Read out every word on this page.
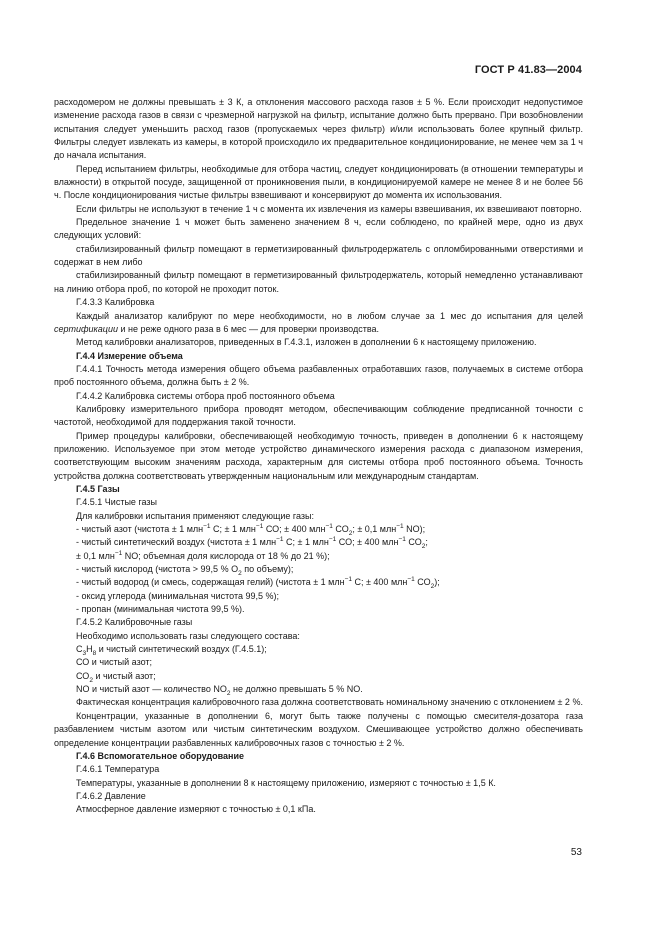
ГОСТ Р 41.83—2004

расходомером не должны превышать ± 3 К, а отклонения массового расхода газов ± 5 %. Если происходит недопустимое изменение расхода газов в связи с чрезмерной нагрузкой на фильтр, испытание должно быть прервано. При возобновлении испытания следует уменьшить расход газов (пропускаемых через фильтр) и/или использовать более крупный фильтр. Фильтры следует извлекать из камеры, в которой происходило их предварительное кондиционирование, не менее чем за 1 ч до начала испытания.

Перед испытанием фильтры, необходимые для отбора частиц, следует кондиционировать (в отношении температуры и влажности) в открытой посуде, защищенной от проникновения пыли, в кондиционируемой камере не менее 8 и не более 56 ч. После кондиционирования чистые фильтры взвешивают и консервируют до момента их использования.

Если фильтры не используют в течение 1 ч с момента их извлечения из камеры взвешивания, их взвешивают повторно.

Предельное значение 1 ч может быть заменено значением 8 ч, если соблюдено, по крайней мере, одно из двух следующих условий:

стабилизированный фильтр помещают в герметизированный фильтродержатель с опломбированными отверстиями и содержат в нем либо

стабилизированный фильтр помещают в герметизированный фильтродержатель, который немедленно устанавливают на линию отбора проб, по которой не проходит поток.

Г.4.3.3 Калибровка

Каждый анализатор калибруют по мере необходимости, но в любом случае за 1 мес до испытания для целей сертификации и не реже одного раза в 6 мес — для проверки производства.

Метод калибровки анализаторов, приведенных в Г.4.3.1, изложен в дополнении 6 к настоящему приложению.

Г.4.4 Измерение объема

Г.4.4.1 Точность метода измерения общего объема разбавленных отработавших газов, получаемых в системе отбора проб постоянного объема, должна быть ± 2 %.

Г.4.4.2 Калибровка системы отбора проб постоянного объема

Калибровку измерительного прибора проводят методом, обеспечивающим соблюдение предписанной точности с частотой, необходимой для поддержания такой точности.

Пример процедуры калибровки, обеспечивающей необходимую точность, приведен в дополнении 6 к настоящему приложению. Используемое при этом методе устройство динамического измерения расхода с диапазоном измерения, соответствующим высоким значениям расхода, характерным для системы отбора проб постоянного объема. Точность устройства должна соответствовать утвержденным национальным или международным стандартам.

Г.4.5 Газы

Г.4.5.1 Чистые газы

Для калибровки испытания применяют следующие газы:

- чистый азот (чистота ± 1 млн$^{-1}$ С; ± 1 млн$^{-1}$ СО; ± 400 млн$^{-1}$ $СО_2$; ± 0,1 млн$^{-1}$ NO);

- чистый синтетический воздух (чистота ± 1 млн$^{-1}$ С; ± 1 млн$^{-1}$ СО; ± 400 млн$^{-1}$ $СО_2$;

± 0,1 млн$^{-1}$ NO; объемная доля кислорода от 18 % до 21 %);

- чистый кислород (чистота > 99,5 % $О_2$ по объему);

- чистый водород (и смесь, содержащая гелий) (чистота ± 1 млн$^{-1}$ С; ± 400 млн$^{-1}$ $СО_2$);

- оксид углерода (минимальная чистота 99,5 %);

- пропан (минимальная чистота 99,5 %).

Г.4.5.2 Калибровочные газы

Необходимо использовать газы следующего состава:

$С_3Н_8$ и чистый синтетический воздух (Г.4.5.1);

СО и чистый азот;

$СО_2$ и чистый азот;

NO и чистый азот — количество $NO_2$ не должно превышать 5 % NO.

Фактическая концентрация калибровочного газа должна соответствовать номинальному значению с отклонением ± 2 %.

Концентрации, указанные в дополнении 6, могут быть также получены с помощью смесителя-дозатора газа разбавлением чистым азотом или чистым синтетическим воздухом. Смешивающее устройство должно обеспечивать определение концентрации разбавленных калибровочных газов с точностью ± 2 %.

Г.4.6 Вспомогательное оборудование

Г.4.6.1 Температура

Температуры, указанные в дополнении 8 к настоящему приложению, измеряют с точностью ± 1,5 К.

Г.4.6.2 Давление

Атмосферное давление измеряют с точностью ± 0,1 кПа.

53
